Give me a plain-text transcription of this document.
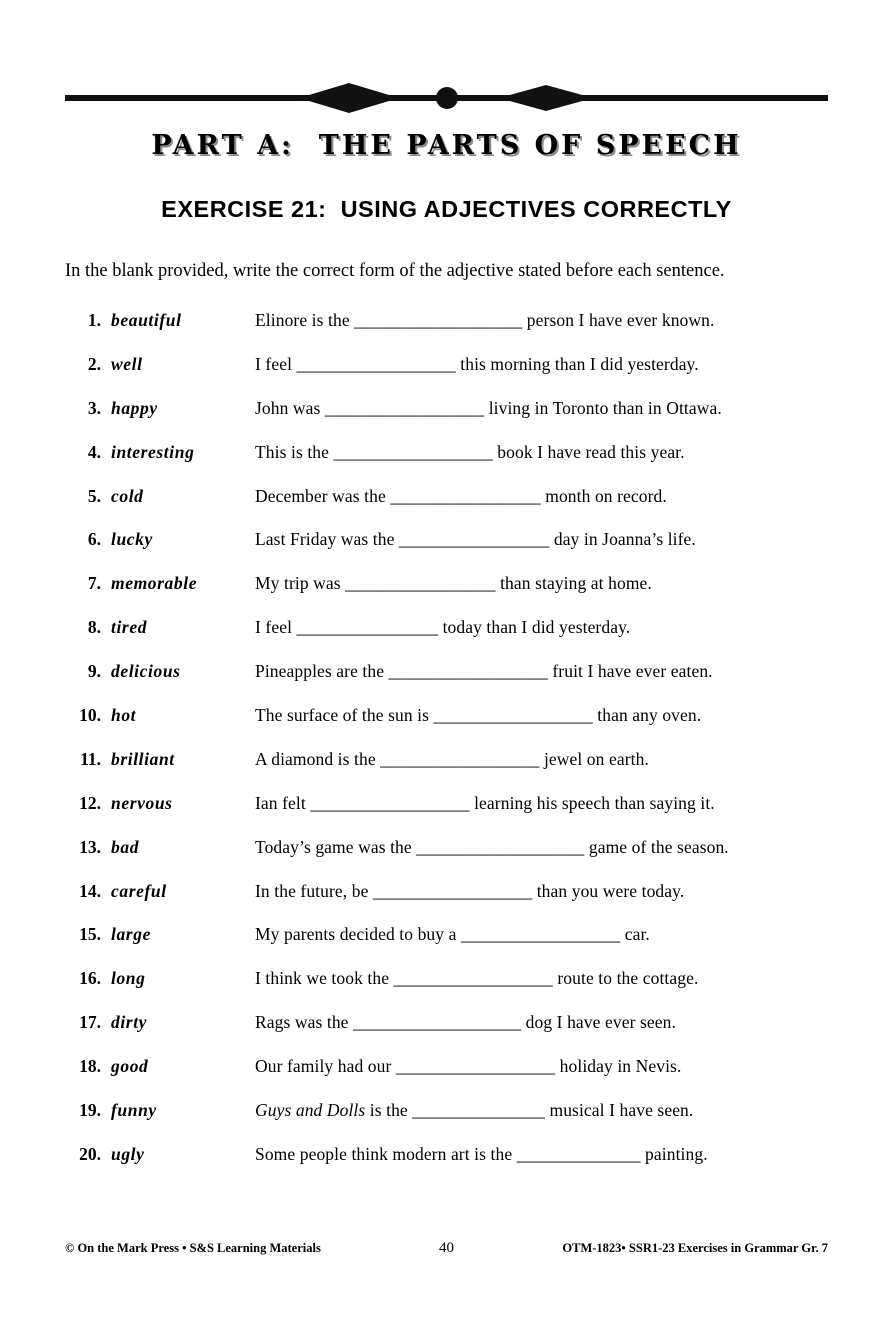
PART A:  THE PARTS OF SPEECH
EXERCISE 21:  USING ADJECTIVES CORRECTLY
In the blank provided, write the correct form of the adjective stated before each sentence.
1. beautiful	Elinore is the ___________________ person I have ever known.
2. well	I feel __________________ this morning than I did yesterday.
3. happy	John was __________________ living in Toronto than in Ottawa.
4. interesting	This is the __________________ book I have read this year.
5. cold	December was the _________________ month on record.
6. lucky	Last Friday was the _________________ day in Joanna’s life.
7. memorable	My trip was _________________ than staying at home.
8. tired	I feel ________________ today than I did yesterday.
9. delicious	Pineapples are the __________________ fruit I have ever eaten.
10. hot	The surface of the sun is __________________ than any oven.
11. brilliant	A diamond is the __________________ jewel on earth.
12. nervous	Ian felt __________________ learning his speech than saying it.
13. bad	Today’s game was the ___________________ game of the season.
14. careful	In the future, be __________________ than you were today.
15. large	My parents decided to buy a __________________ car.
16. long	I think we took the __________________ route to the cottage.
17. dirty	Rags was the ___________________ dog I have ever seen.
18. good	Our family had our __________________ holiday in Nevis.
19. funny	Guys and Dolls is the _______________ musical I have seen.
20. ugly	Some people think modern art is the ______________ painting.
© On the Mark Press • S&S Learning Materials	40	OTM-1823• SSR1-23 Exercises in Grammar Gr. 7
